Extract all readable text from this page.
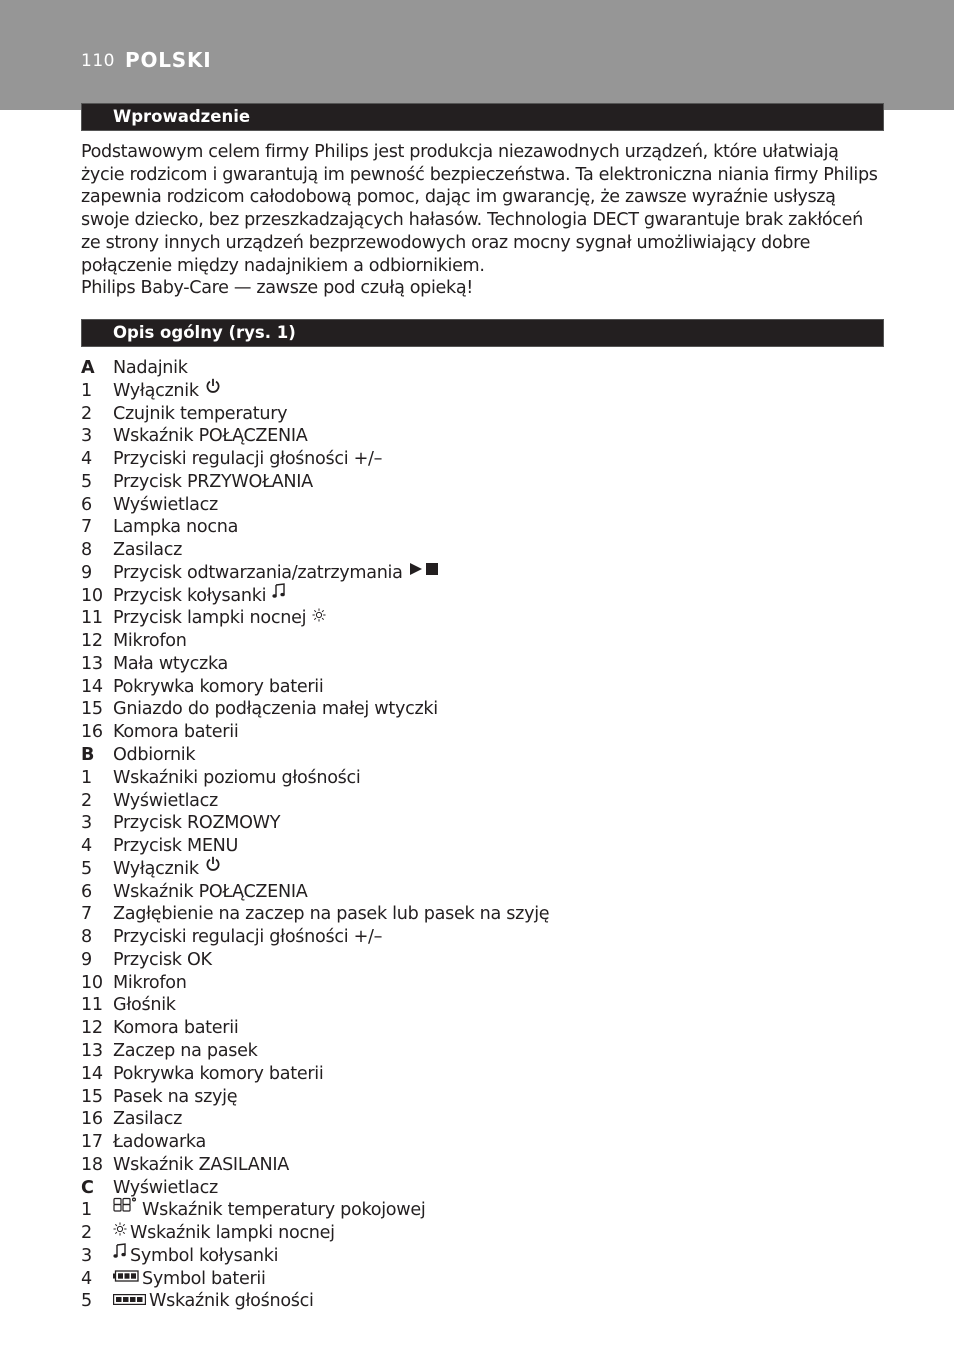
110 POLSKI
Wprowadzenie

Podstawowym celem firmy Philips jest produkcja niezawodnych urządzeń, które ułatwiają życie rodzicom i gwarantują im pewność bezpieczeństwa. Ta elektroniczna niania firmy Philips zapewnia rodzicom całodobową pomoc, dając im gwarancję, że zawsze wyraźnie usłyszą swoje dziecko, bez przeszkadzających hałasów. Technologia DECT gwarantuje brak zakłóceń ze strony innych urządzeń bezprzewodowych oraz mocny sygnał umożliwiający dobre połączenie między nadajnikiem a odbiornikiem.

Philips Baby-Care — zawsze pod czułą opieką!

Opis ogólny (rys. 1)
A Nadajnik
1 Wyłącznik
2 Czujnik temperatury
3 Wskaźnik POŁĄCZENIA
4 Przyciski regulacji głośności +/–
5 Przycisk PRZYWOŁANIA
6 Wyświetlacz
7 Lampka nocna
8 Zasilacz
9 Przycisk odtwarzania/zatrzymania
10 Przycisk kołysanki
11 Przycisk lampki nocnej
12 Mikrofon
13 Mała wtyczka
14 Pokrywka komory baterii
15 Gniazdo do podłączenia małej wtyczki
16 Komora baterii
B Odbiornik
1 Wskaźniki poziomu głośności
2 Wyświetlacz
3 Przycisk ROZMOWY
4 Przycisk MENU
5 Wyłącznik
6 Wskaźnik POŁĄCZENIA
7 Zagłębienie na zaczep na pasek lub pasek na szyję
8 Przyciski regulacji głośności +/–
9 Przycisk OK
10 Mikrofon
11 Głośnik
12 Komora baterii
13 Zaczep na pasek
14 Pokrywka komory baterii
15 Pasek na szyję
16 Zasilacz
17 Ładowarka
18 Wskaźnik ZASILANIA
C Wyświetlacz
1	Wskaźnik temperatury pokojowej
2	Wskaźnik lampki nocnej
3	Symbol kołysanki
4	Symbol baterii
5	Wskaźnik głośności
